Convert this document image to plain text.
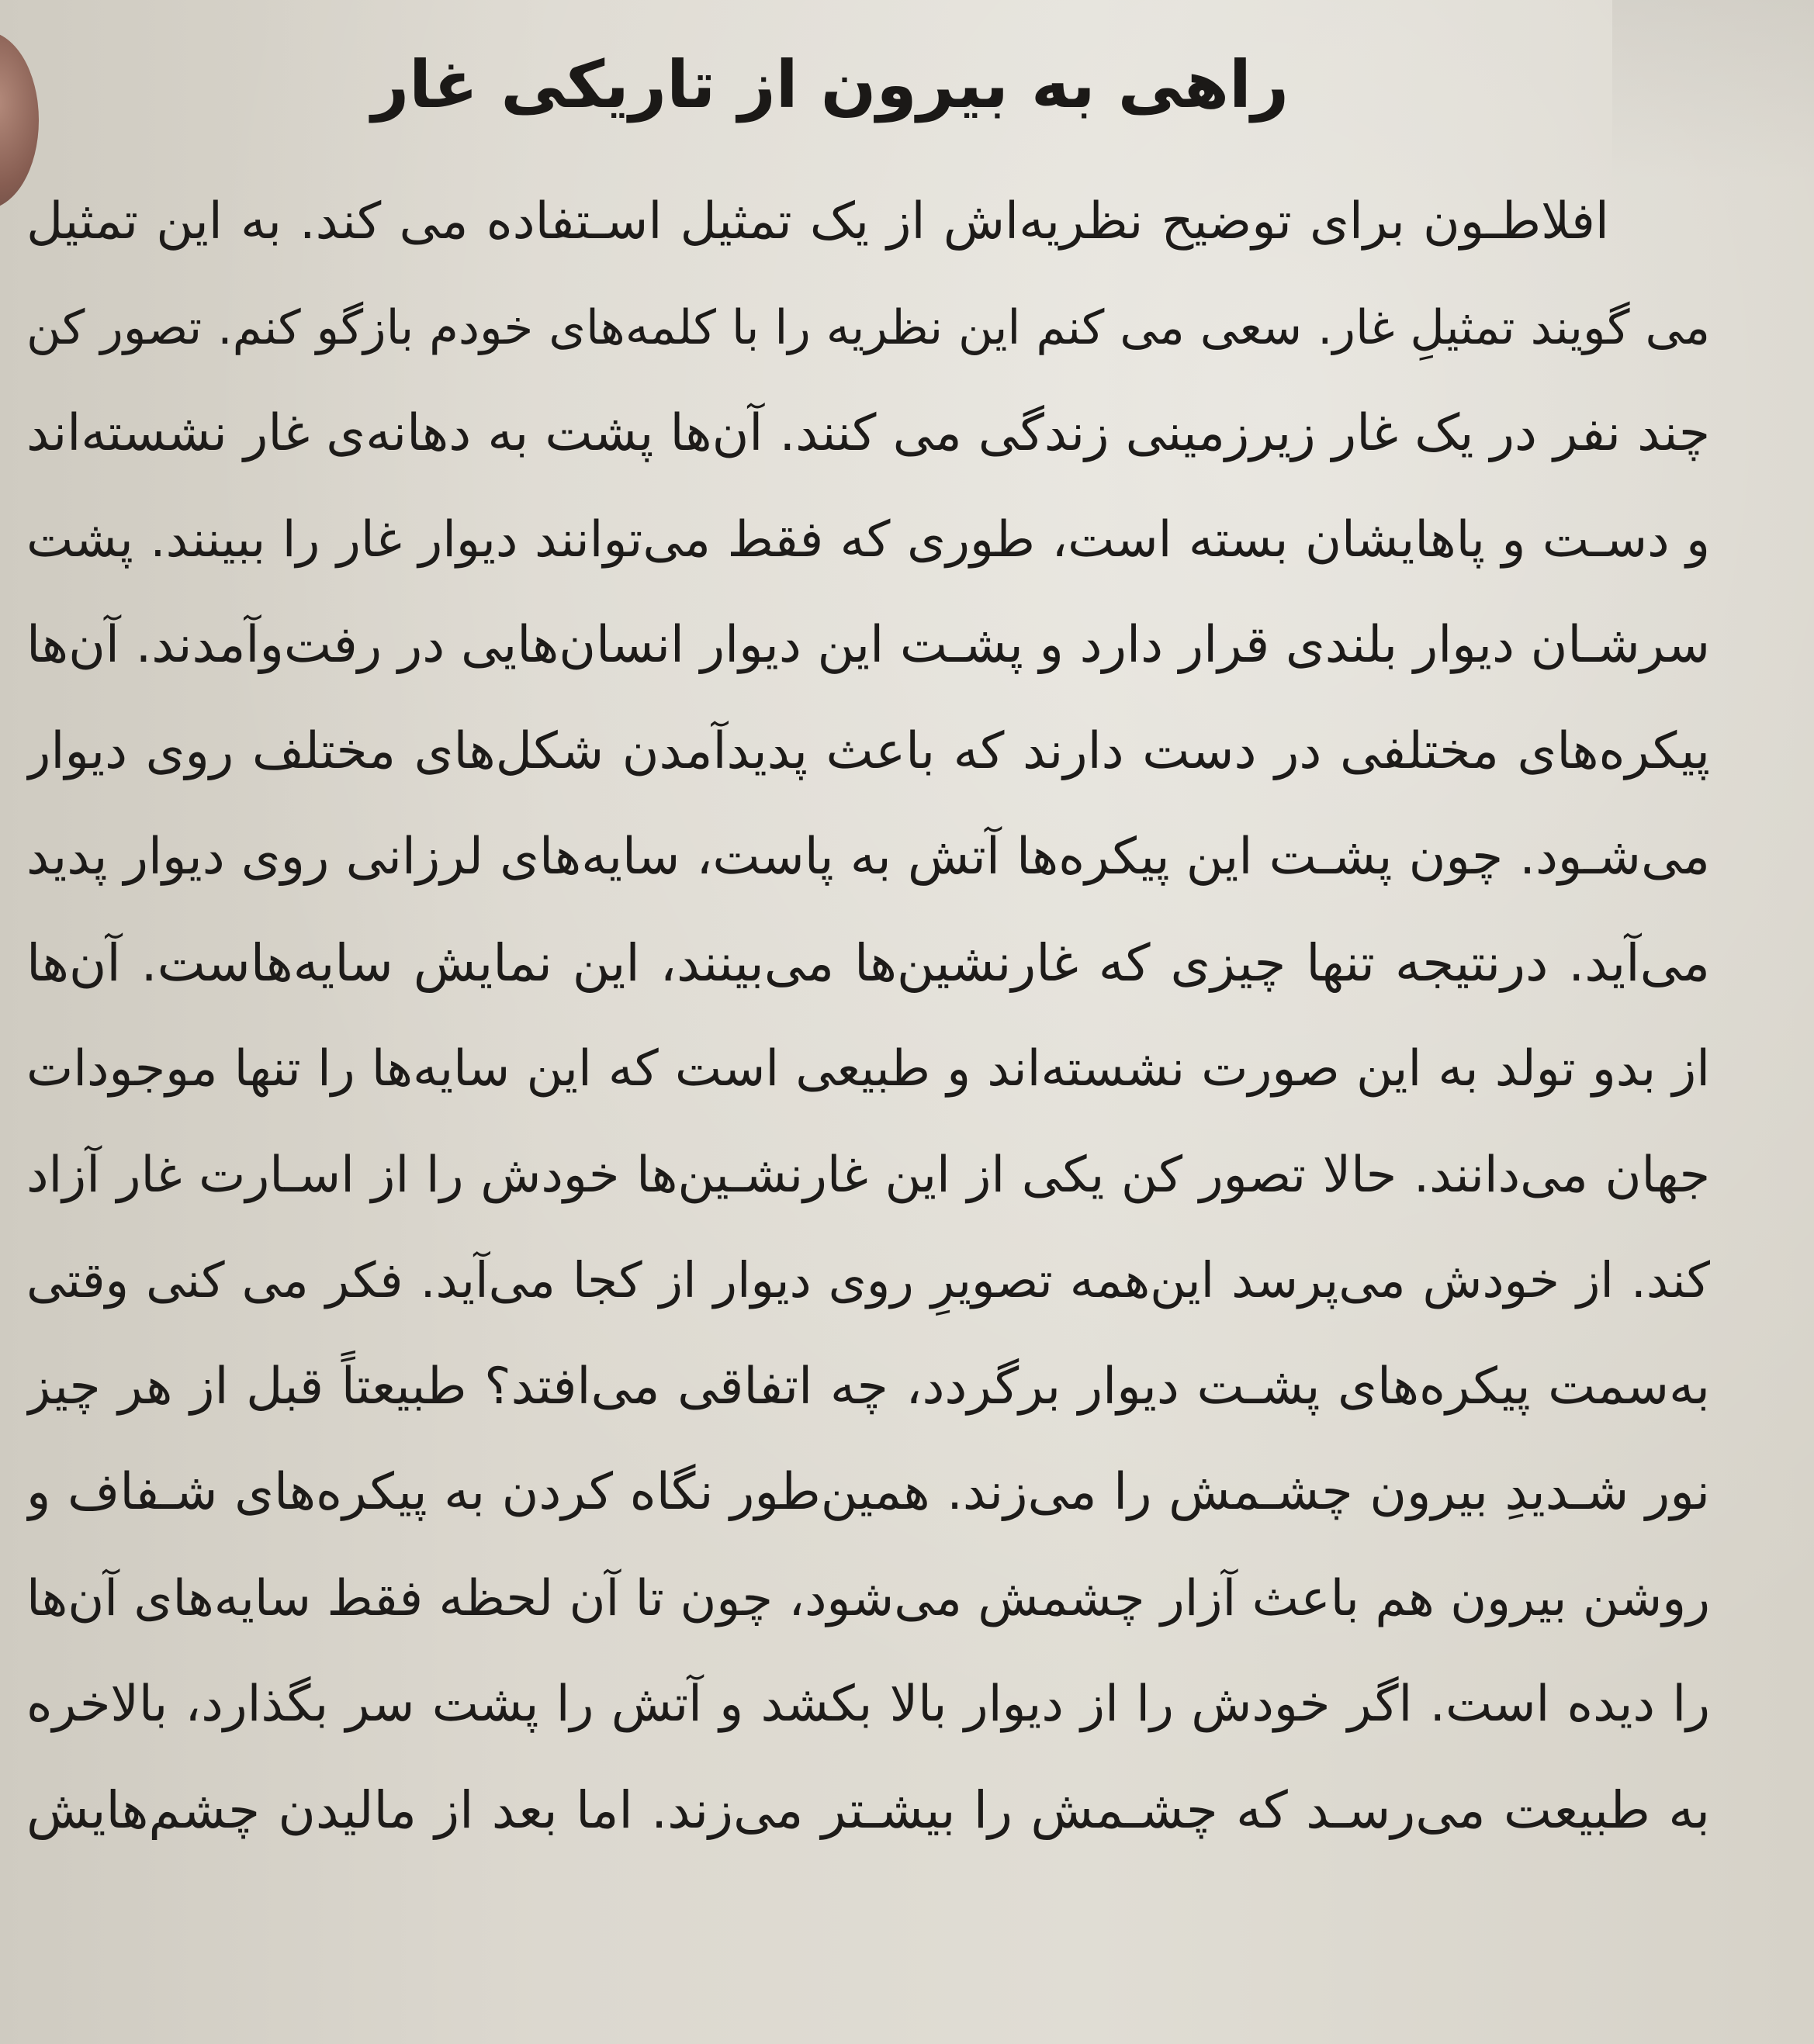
راهی به بیرون از تاریکی غار
افلاطـون برای توضیح نظریه‌اش از یک تمثیل اسـتفاده می کند. به این تمثیل
می گویند تمثیلِ غار. سعی می کنم این نظریه را با کلمه‌های خودم بازگو کنم. تصور کن
چند نفر در یک غار زیرزمینی زندگی می کنند. آن‌ها پشت به دهانه‌ی غار نشسته‌اند
و دسـت و پاهایشان بسته است، طوری که فقط می‌توانند دیوار غار را ببینند. پشت
سرشـان دیوار بلندی قرار دارد و پشـت این دیوار انسان‌هایی در رفت‌وآمدند. آن‌ها
پیکره‌های مختلفی در دست دارند که باعث پدیدآمدن شکل‌های مختلف روی دیوار
می‌شـود. چون پشـت این پیکره‌ها آتش به پاست، سایه‌های لرزانی روی دیوار پدید
می‌آید. درنتیجه تنها چیزی که غارنشین‌ها می‌بینند، این نمایش سایه‌هاست. آن‌ها
از بدو تولد به این صورت نشسته‌اند و طبیعی است که این سایه‌ها را تنها موجودات
جهان می‌دانند. حالا تصور کن یکی از این غارنشـین‌ها خودش را از اسـارت غار آزاد
کند. از خودش می‌پرسد این‌همه تصویرِ روی دیوار از کجا می‌آید. فکر می کنی وقتی
به‌سمت پیکره‌های پشـت دیوار برگردد، چه اتفاقی می‌افتد؟ طبیعتاً قبل از هر چیز
نور شـدیدِ بیرون چشـمش را می‌زند. همین‌طور نگاه کردن به پیکره‌های شـفاف و
روشن بیرون هم باعث آزار چشمش می‌شود، چون تا آن لحظه فقط سایه‌های آن‌ها
را دیده است. اگر خودش را از دیوار بالا بکشد و آتش را پشت سر بگذارد، بالاخره
به طبیعت می‌رسـد که چشـمش را بیشـتر می‌زند. اما بعد از مالیدن چشم‌هایش
